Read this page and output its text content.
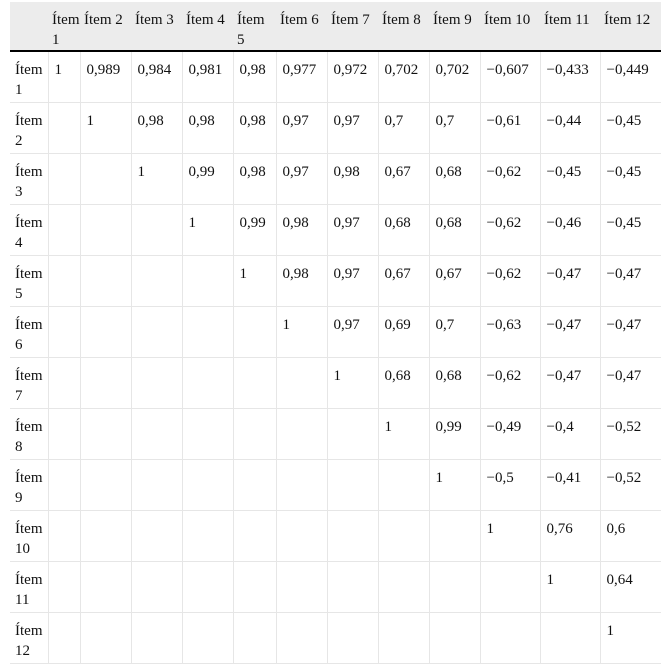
	Ítem 1	Ítem 2	Ítem 3	Ítem 4	Ítem 5	Ítem 6	Ítem 7	Ítem 8	Ítem 9	Ítem 10	Ítem 11	Ítem 12
Ítem 1	1	0,989	0,984	0,981	0,98	0,977	0,972	0,702	0,702	−0,607	−0,433	−0,449
Ítem 2		1	0,98	0,98	0,98	0,97	0,97	0,7	0,7	−0,61	−0,44	−0,45
Ítem 3			1	0,99	0,98	0,97	0,98	0,67	0,68	−0,62	−0,45	−0,45
Ítem 4				1	0,99	0,98	0,97	0,68	0,68	−0,62	−0,46	−0,45
Ítem 5					1	0,98	0,97	0,67	0,67	−0,62	−0,47	−0,47
Ítem 6						1	0,97	0,69	0,7	−0,63	−0,47	−0,47
Ítem 7							1	0,68	0,68	−0,62	−0,47	−0,47
Ítem 8								1	0,99	−0,49	−0,4	−0,52
Ítem 9									1	−0,5	−0,41	−0,52
Ítem 10										1	0,76	0,6
Ítem 11											1	0,64
Ítem 12												1
